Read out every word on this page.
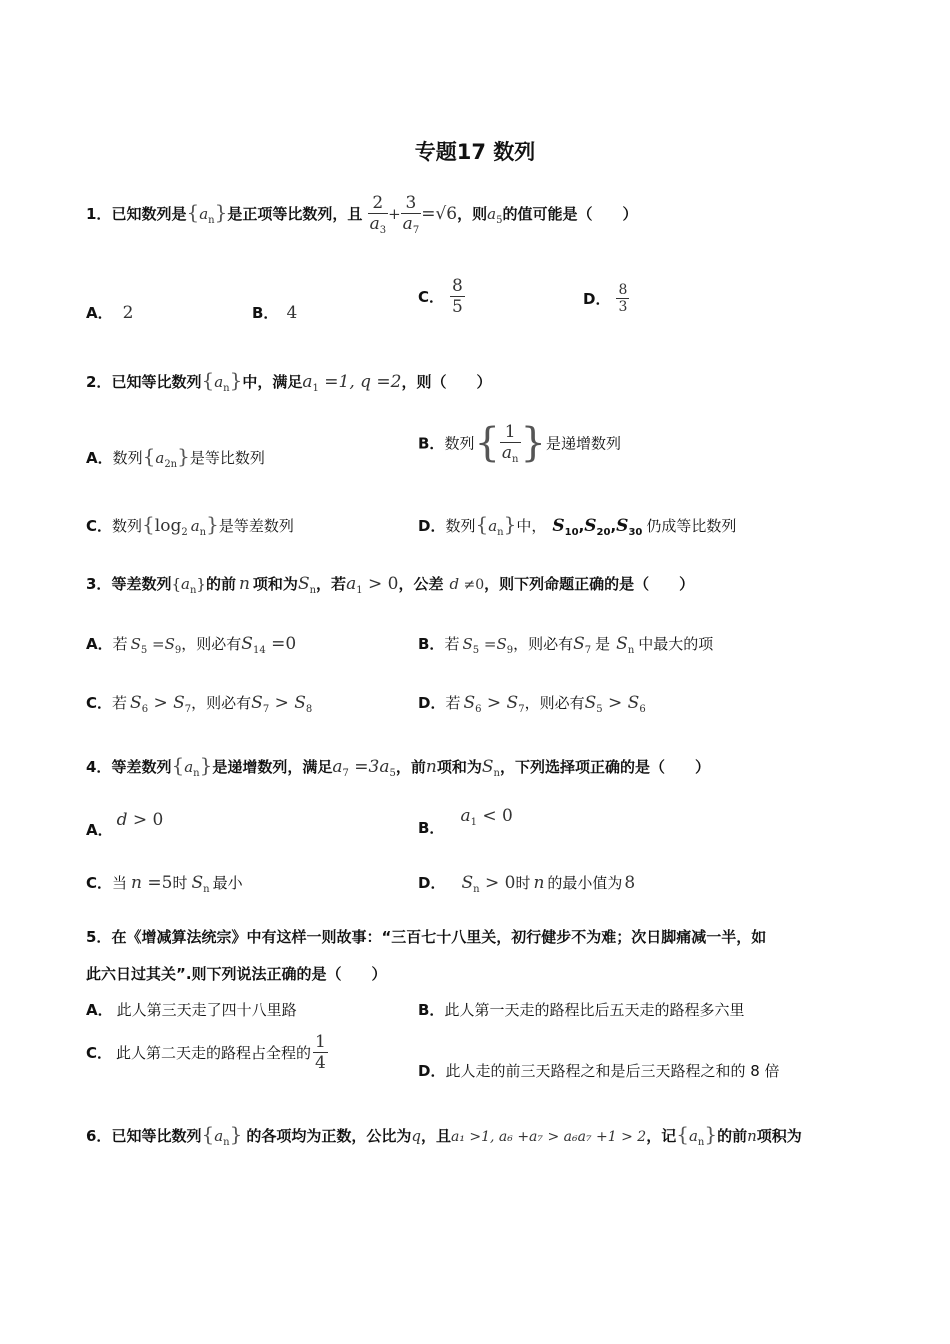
专题17 数列
1．已知数列是$\{a_n\}$是正项等比数列，且 $\frac{2}{a_3} + \frac{3}{a_7} =√6$，则$a_5$的值可能是（　　）
A． 2	B． 4
C． $\frac{8}{5}$	D． $\frac{8}{3}$
2．已知等比数列$\{a_n\}$中，满足$a_1 =1$, q =2，则（　　）
A．数列$\{a_{2n}\}$是等比数列
B．数列{ $\frac{1}{a_n}$ }是递增数列
C．数列{$\log_2$ $a_n$}是等差数列	D．数列$\{a_n\}$中， $S_{10},S_{20},S_{30}$ 仍成等比数列
3．等差数列$\{a_n\}$的前 n 项和为$S_n$，若$a_1 > 0$，公差 d ≠0，则下列命题正确的是（　　）
A．若 $S_5 =S_9$，则必有$S_{14} =0$	B．若 $S_5 =S_9$，则必有$S_7$ 是 $S_n$ 中最大的项
C．若 $S_6 > S_7$，则必有$S_7 > S_8$	D．若 $S_6 > S_7$，则必有$S_5 > S_6$
4．等差数列$\{a_n\}$是递增数列，满足$a_7 =3a_5$，前n项和为$S_n$，下列选择项正确的是（　　）
A． d > 0	B．$a_1 < 0$
C．当 n =5时 $S_n$ 最小	D． $S_n > 0$时 n 的最小值为 8
5．在《增减算法统宗》中有这样一则故事：“三百七十八里关，初行健步不为难；次日脚痛减一半，如
此六日过其关”.则下列说法正确的是（　　）
A． 此人第三天走了四十八里路	B．此人第一天走的路程比后五天走的路程多六里
C． 此人第二天走的路程占全程的 $\frac{1}{4}$	D．此人走的前三天路程之和是后三天路程之和的 8 倍
6．已知等比数列$\{a_n\}$ 的各项均为正数，公比为q，且a₁ >1, a₆ +a₇ > a₆a₇ +1 > 2，记$\{a_n\}$的前n项积为
